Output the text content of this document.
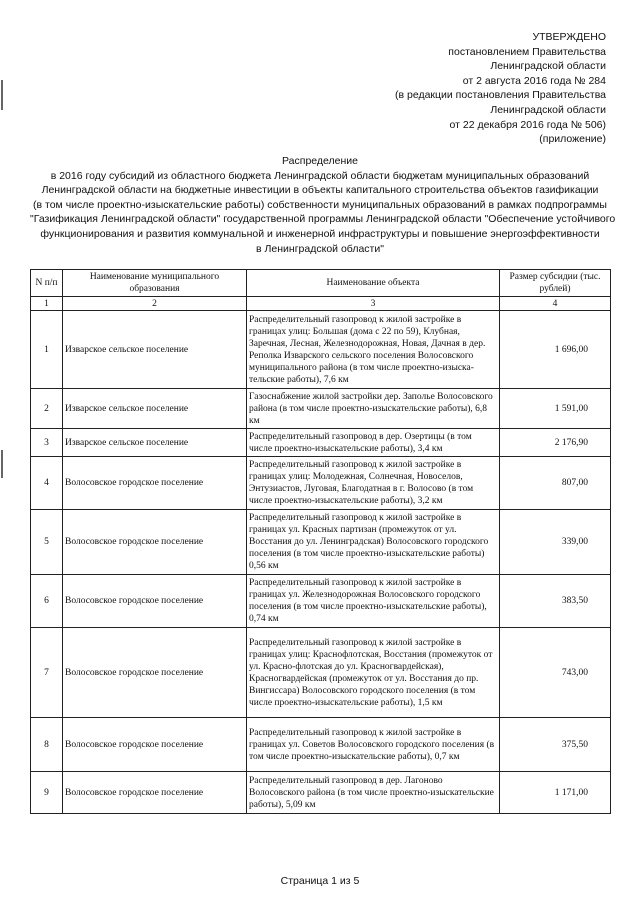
УТВЕРЖДЕНО
постановлением Правительства
Ленинградской области
от 2 августа 2016 года № 284
(в редакции постановления Правительства
Ленинградской области
от 22 декабря 2016 года № 506)
(приложение)
Распределение
в 2016 году субсидий из областного бюджета Ленинградской области бюджетам муниципальных образований
Ленинградской области на бюджетные инвестиции в объекты капитального строительства объектов газификации
(в том числе проектно-изыскательские работы) собственности муниципальных образований в рамках подпрограммы
"Газификация Ленинградской области" государственной программы Ленинградской области "Обеспечение устойчивого
функционирования и развития коммунальной и инженерной инфраструктуры и повышение энергоэффективности
в Ленинградской области"
N п/п	Наименование муниципального образования	Наименование объекта	Размер субсидии (тыс. рублей)
1	2	3	4
1	Изварское сельское поселение	Распределительный газопровод к жилой застройке в границах улиц: Большая (дома с 22 по 59), Клубная, Заречная, Лесная, Железнодорожная, Новая, Дачная в дер. Реполка Изварского сельского поселения Волосовского муниципального района (в том числе проектно-изыска-тельские работы), 7,6 км	1 696,00
2	Изварское сельское поселение	Газоснабжение жилой застройки дер. Заполье Волосовского района (в том числе проектно-изыскательские работы), 6,8 км	1 591,00
3	Изварское сельское поселение	Распределительный газопровод в дер. Озертицы (в том числе проектно-изыскательские работы), 3,4 км	2 176,90
4	Волосовское городское поселение	Распределительный газопровод к жилой застройке в границах улиц: Молодежная, Солнечная, Новоселов, Энтузиастов, Луговая, Благодатная в г. Волосово (в том числе проектно-изыскательские работы), 3,2 км	807,00
5	Волосовское городское поселение	Распределительный газопровод к жилой застройке в границах ул. Красных партизан (промежуток от ул. Восстания до ул. Ленинградская) Волосовского городского поселения (в том числе проектно-изыскательские работы) 0,56 км	339,00
6	Волосовское городское поселение	Распределительный газопровод к жилой застройке в границах ул. Железнодорожная Волосовского городского поселения (в том числе проектно-изыскательские работы), 0,74 км	383,50
7	Волосовское городское поселение	Распределительный газопровод к жилой застройке в границах улиц: Краснофлотская, Восстания (промежуток от ул. Красно-флотская до ул. Красногвардейская), Красногвардейская (промежуток от ул. Восстания до пр. Вингиссара) Волосовского городского поселения (в том числе проектно-изыскательские работы), 1,5 км	743,00
8	Волосовское городское поселение	Распределительный газопровод к жилой застройке в границах ул. Советов Волосовского городского поселения (в том числе проектно-изыскательские работы), 0,7 км	375,50
9	Волосовское городское поселение	Распределительный газопровод в дер. Лагоново Волосовского района (в том числе проектно-изыскательские работы), 5,09 км	1 171,00
Страница 1 из 5
